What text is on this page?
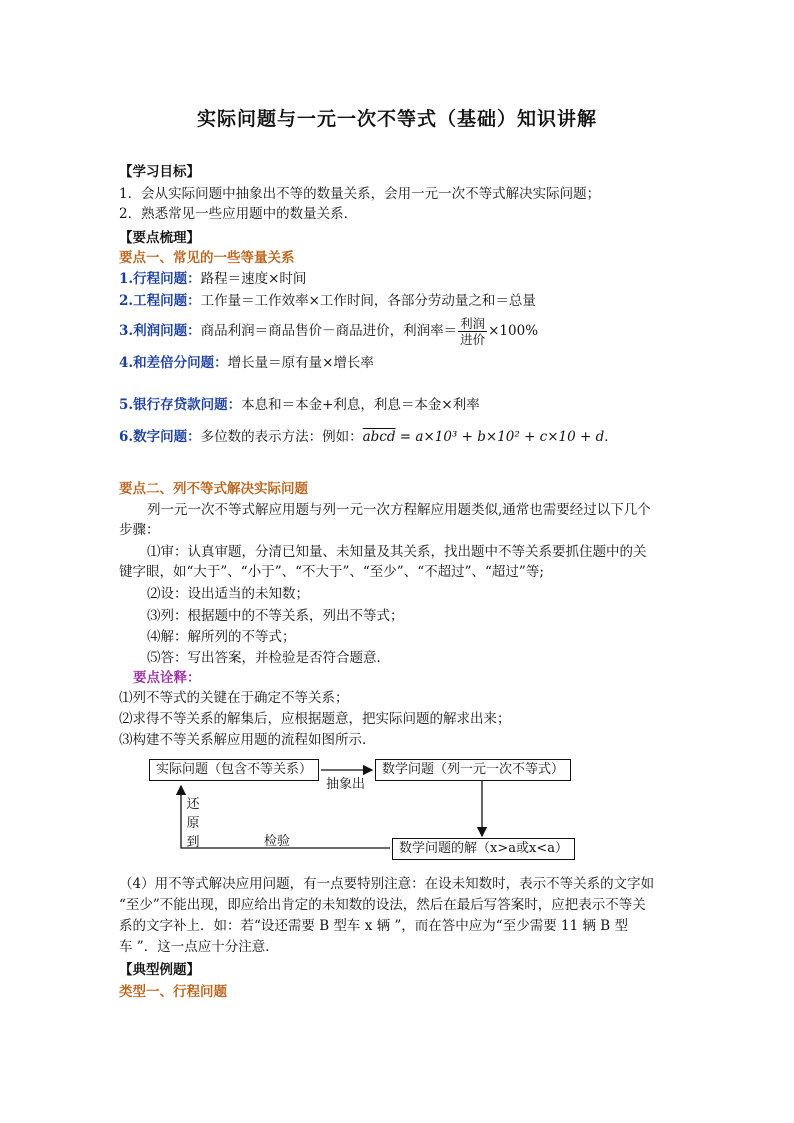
实际问题与一元一次不等式（基础）知识讲解
【学习目标】
1．会从实际问题中抽象出不等的数量关系，会用一元一次不等式解决实际问题；
2．熟悉常见一些应用题中的数量关系．
【要点梳理】
要点一、常见的一些等量关系
1.行程问题：路程＝速度×时间
2.工程问题：工作量＝工作效率×工作时间，各部分劳动量之和＝总量
3.利润问题：商品利润＝商品售价－商品进价，利润率＝ $\frac{\text{利润}}{\text{进价}} \times 100\%$
4.和差倍分问题：增长量＝原有量×增长率
5.银行存贷款问题：本息和＝本金+利息，利息＝本金×利率
6.数字问题：多位数的表示方法：例如：abcd = a×10³ + b×10² + c×10 + d．
要点二、列不等式解决实际问题
列一元一次不等式解应用题与列一元一次方程解应用题类似,通常也需要经过以下几个
步骤：
⑴审：认真审题，分清已知量、未知量及其关系，找出题中不等关系要抓住题中的关
键字眼，如“大于”、“小于”、“不大于”、“至少”、“不超过”、“超过”等;
⑵设：设出适当的未知数；
⑶列：根据题中的不等关系，列出不等式；
⑷解：解所列的不等式；
⑸答：写出答案，并检验是否符合题意．
要点诠释：
⑴列不等式的关键在于确定不等关系；
⑵求得不等关系的解集后，应根据题意，把实际问题的解求出来；
⑶构建不等关系解应用题的流程如图所示．
实际问题（包含不等关系）	数学问题（列一元一次不等式）
数学问题的解（x>a或x<a）
抽象出
检验
还
原
到
（4）用不等式解决应用问题，有一点要特别注意：在设未知数时，表示不等关系的文字如
“至少”不能出现，即应给出肯定的未知数的设法，然后在最后写答案时，应把表示不等关
系的文字补上．如：若“设还需要 B 型车 x 辆 ”，而在答中应为“至少需要 11 辆 B 型
车 ”．这一点应十分注意．
【典型例题】
类型一、行程问题
